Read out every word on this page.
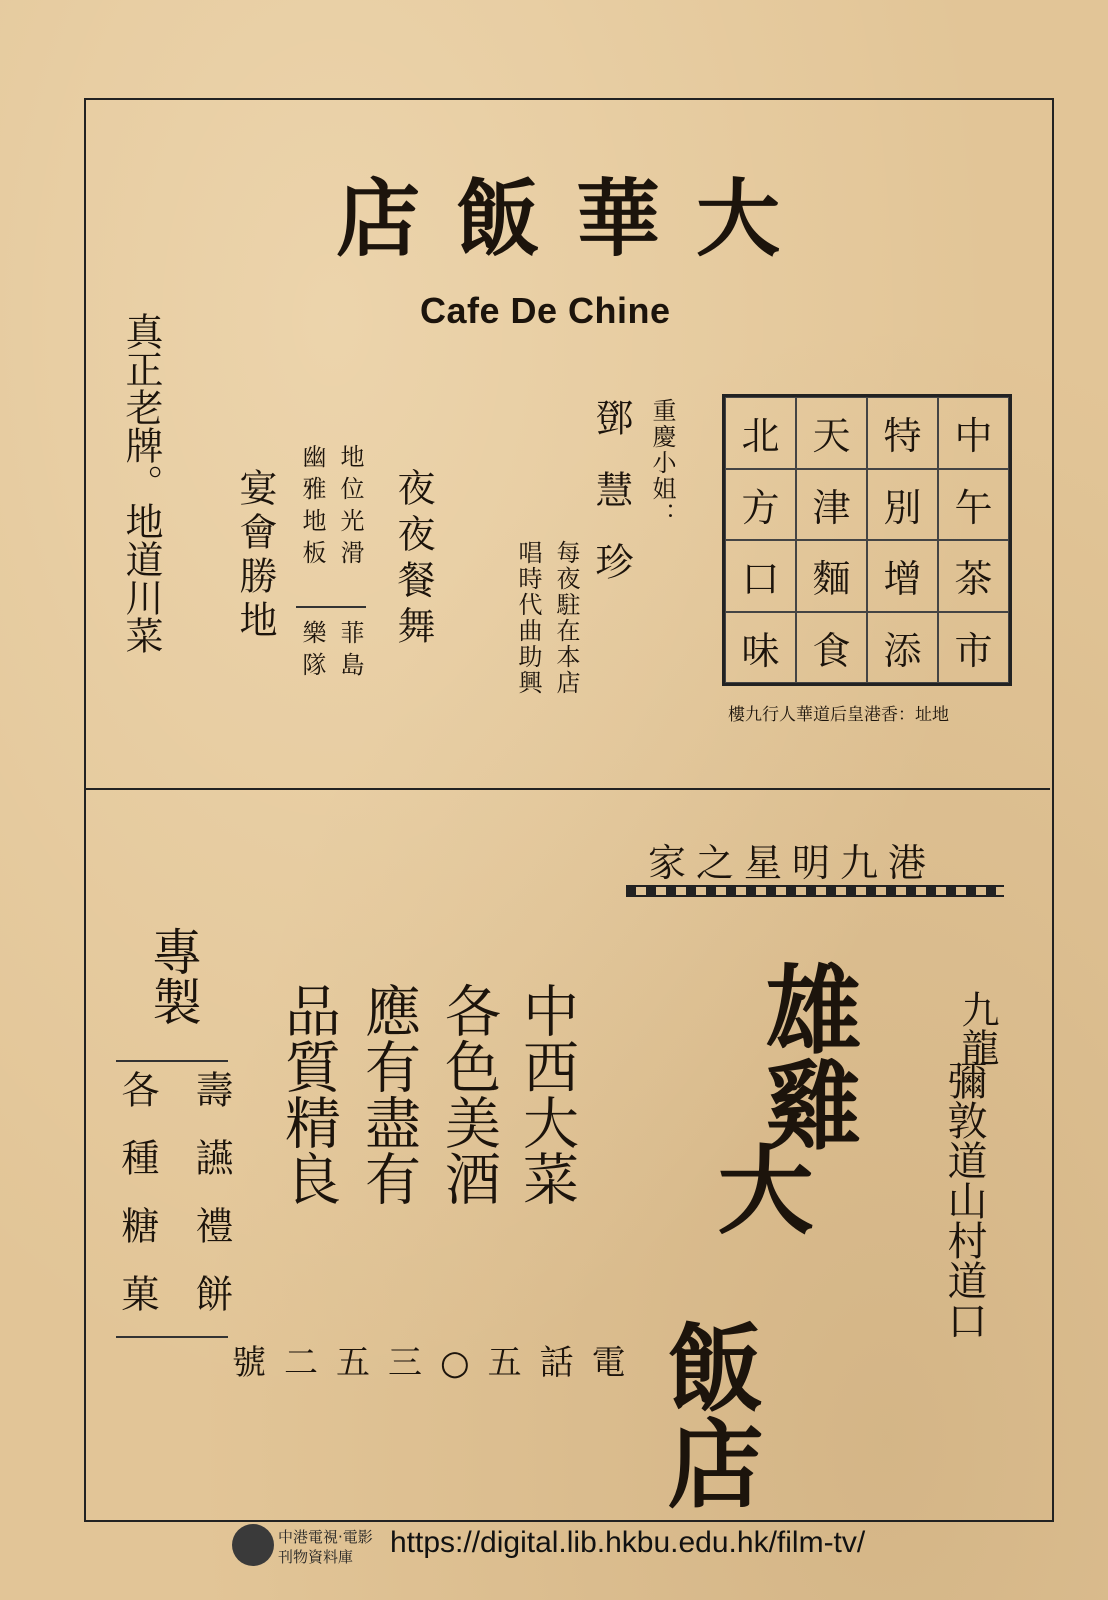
大華飯店
Cafe De Chine
真正老牌。地道川菜 宴會勝地 幽雅地板 地位光滑
樂隊 菲島 夜夜餐舞	唱時代曲助興 每夜駐在本店
鄧慧珍 重慶小姐：	北 天 特 中
方 津 別 午
口 麵 增 茶
味 食 添 市
地址：香港皇后道華人行九樓
港九明星之家
雄雞
大
飯店
九龍
彌敦道山村道口
中西大菜
各色美酒
應有盡有
品質精良
專製
壽讌禮餅
各種糖菓
電話五○三五二號
中港電視‧電影
刊物資料庫 https://digital.lib.hkbu.edu.hk/film-tv/
